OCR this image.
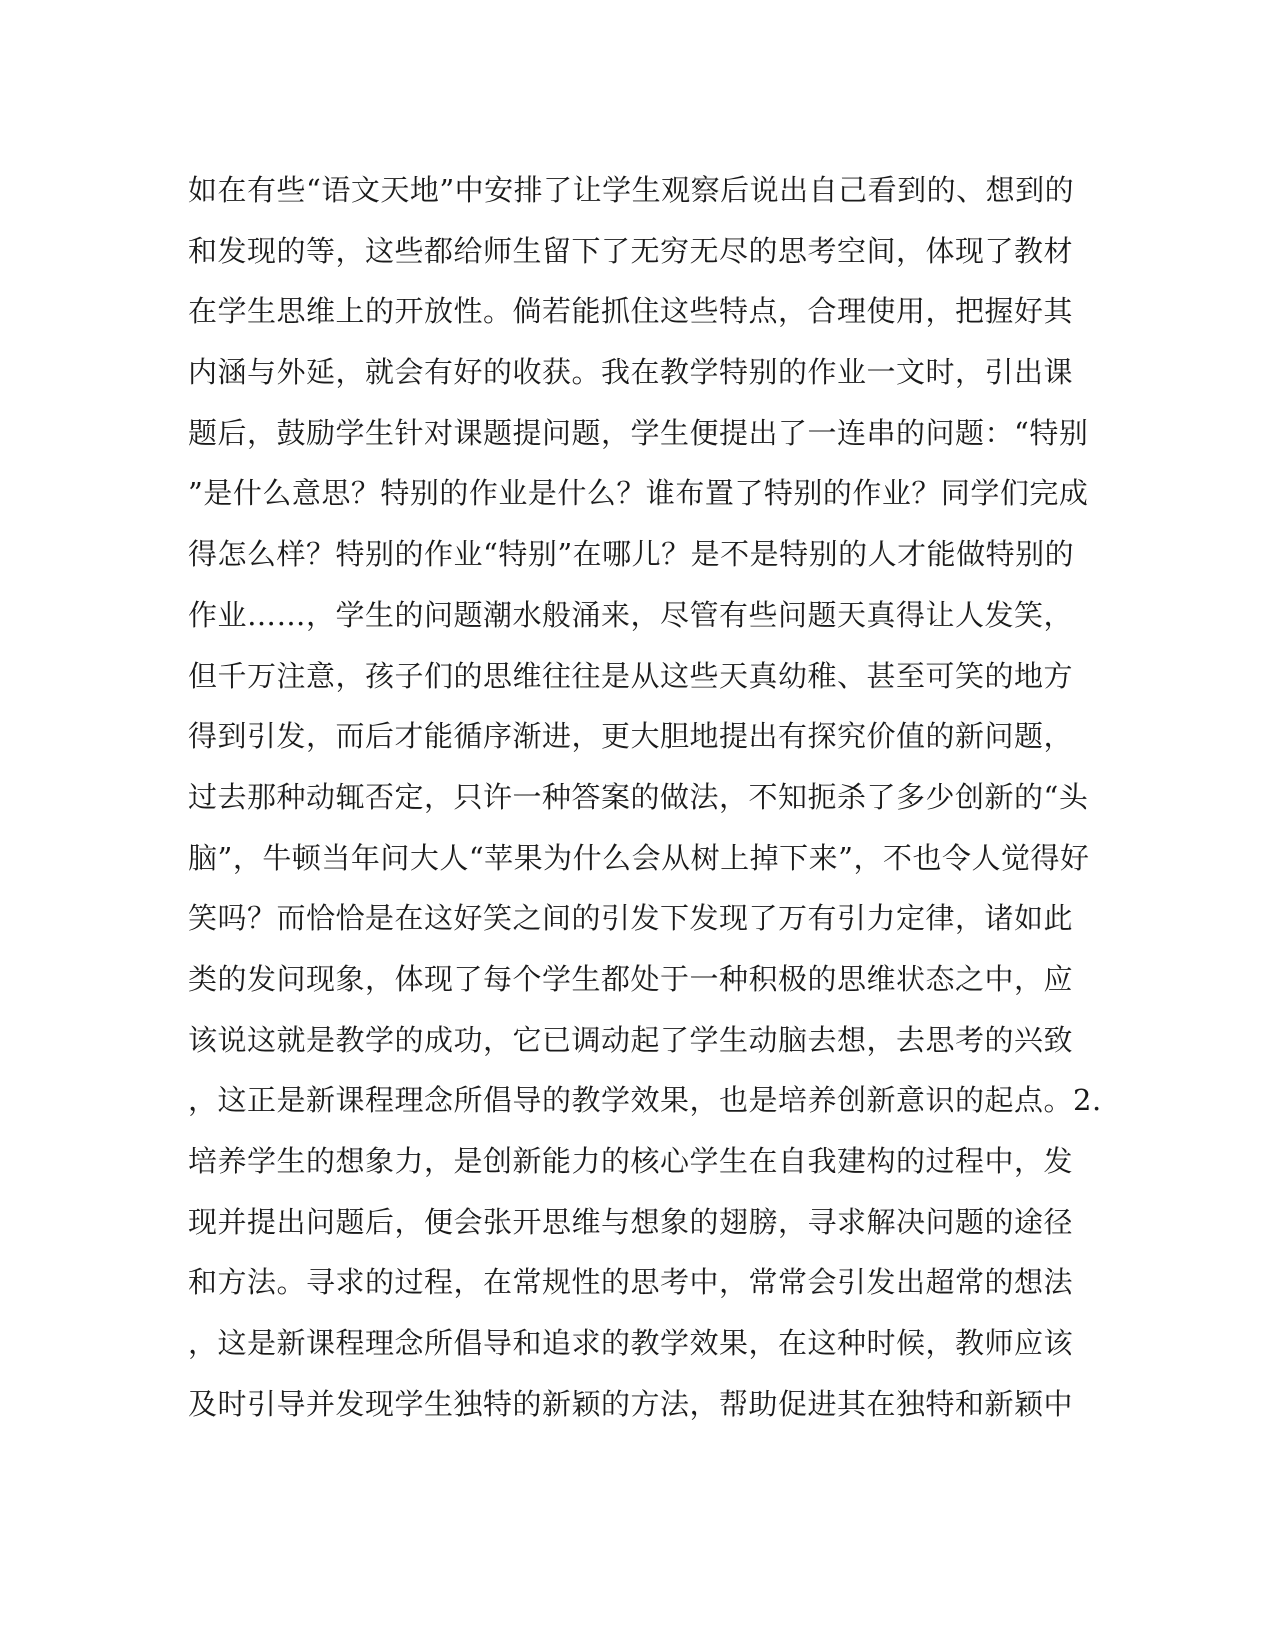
如在有些“语文天地”中安排了让学生观察后说出自己看到的、想到的
和发现的等，这些都给师生留下了无穷无尽的思考空间，体现了教材
在学生思维上的开放性。倘若能抓住这些特点，合理使用，把握好其
内涵与外延，就会有好的收获。我在教学特别的作业一文时，引出课
题后，鼓励学生针对课题提问题，学生便提出了一连串的问题：“特别
”是什么意思？特别的作业是什么？谁布置了特别的作业？同学们完成
得怎么样？特别的作业“特别”在哪儿？是不是特别的人才能做特别的
作业……，学生的问题潮水般涌来，尽管有些问题天真得让人发笑，
但千万注意，孩子们的思维往往是从这些天真幼稚、甚至可笑的地方
得到引发，而后才能循序渐进，更大胆地提出有探究价值的新问题，
过去那种动辄否定，只许一种答案的做法，不知扼杀了多少创新的“头
脑”，牛顿当年问大人“苹果为什么会从树上掉下来”，不也令人觉得好
笑吗？而恰恰是在这好笑之间的引发下发现了万有引力定律，诸如此
类的发问现象，体现了每个学生都处于一种积极的思维状态之中，应
该说这就是教学的成功，它已调动起了学生动脑去想，去思考的兴致
，这正是新课程理念所倡导的教学效果，也是培养创新意识的起点。2.
培养学生的想象力，是创新能力的核心学生在自我建构的过程中，发
现并提出问题后，便会张开思维与想象的翅膀，寻求解决问题的途径
和方法。寻求的过程，在常规性的思考中，常常会引发出超常的想法
，这是新课程理念所倡导和追求的教学效果，在这种时候，教师应该
及时引导并发现学生独特的新颖的方法，帮助促进其在独特和新颖中
